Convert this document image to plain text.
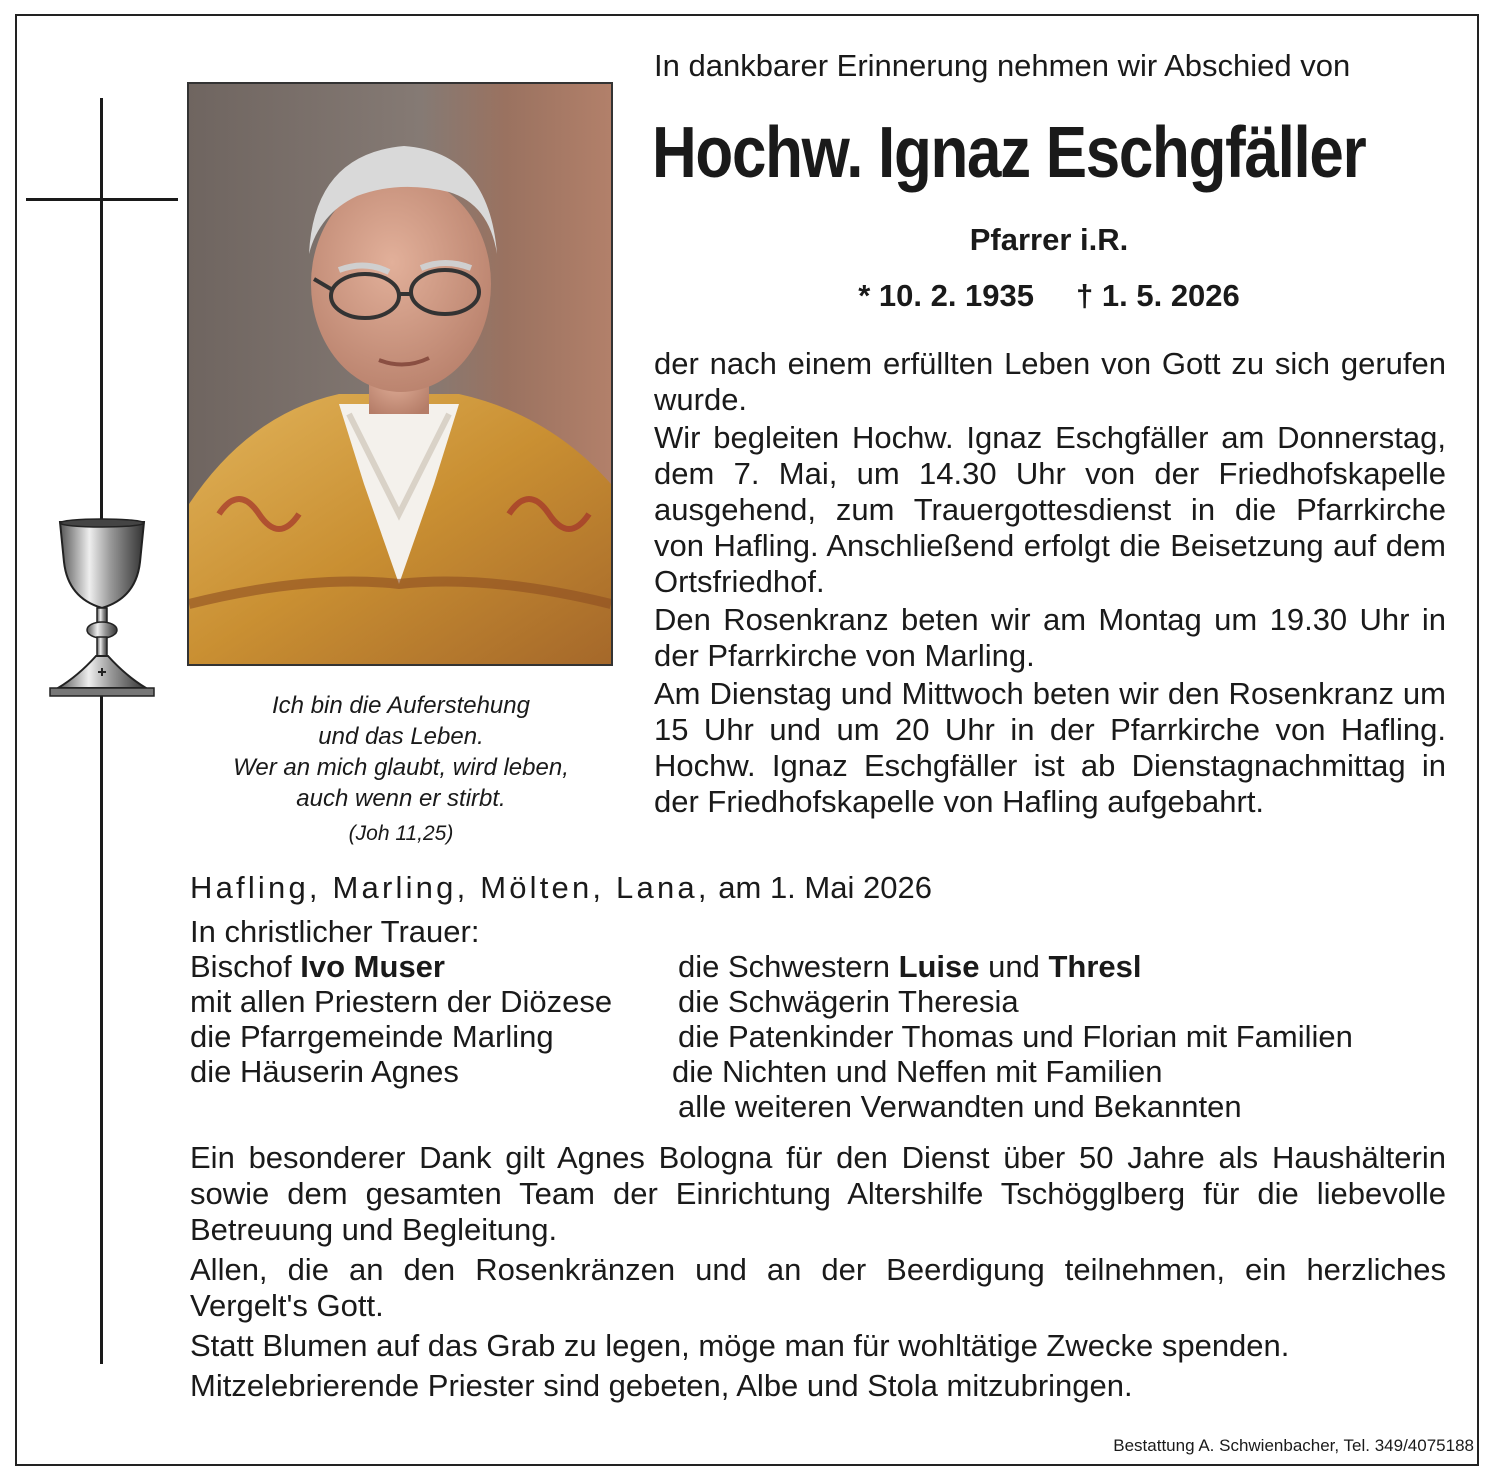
Ich bin die Auferstehung
und das Leben.
Wer an mich glaubt, wird leben,
auch wenn er stirbt.
(Joh 11,25)
In dankbarer Erinnerung nehmen wir Abschied von
Hochw. Ignaz Eschgfäller
Pfarrer i.R.
* 10. 2. 1935 † 1. 5. 2026

der nach einem erfüllten Leben von Gott zu sich gerufen wurde.

Wir begleiten Hochw. Ignaz Eschgfäller am Donnerstag, dem 7. Mai, um 14.30 Uhr von der Friedhofskapelle ausgehend, zum Trauergottesdienst in die Pfarrkirche von Hafling. Anschließend erfolgt die Beisetzung auf dem Ortsfriedhof.

Den Rosenkranz beten wir am Montag um 19.30 Uhr in der Pfarrkirche von Marling.

Am Dienstag und Mittwoch beten wir den Rosenkranz um 15 Uhr und um 20 Uhr in der Pfarrkirche von Hafling. Hochw. Ignaz Eschgfäller ist ab Dienstagnachmittag in der Friedhofskapelle von Hafling aufgebahrt.

Hafling, Marling, Mölten, Lana, am 1. Mai 2026
In christlicher Trauer:
Bischof Ivo Muser	die Schwestern Luise und Thresl
mit allen Priestern der Diözese	die Schwägerin Theresia
die Pfarrgemeinde Marling	die Patenkinder Thomas und Florian mit Familien
die Häuserin Agnes	die Nichten und Neffen mit Familien
alle weiteren Verwandten und Bekannten

Ein besonderer Dank gilt Agnes Bologna für den Dienst über 50 Jahre als Haushälterin sowie dem gesamten Team der Einrichtung Altershilfe Tschögglberg für die liebevolle Betreuung und Begleitung.

Allen, die an den Rosenkränzen und an der Beerdigung teilnehmen, ein herzliches Vergelt's Gott.

Statt Blumen auf das Grab zu legen, möge man für wohltätige Zwecke spenden.

Mitzelebrierende Priester sind gebeten, Albe und Stola mitzubringen.

Bestattung A. Schwienbacher, Tel. 349/4075188
